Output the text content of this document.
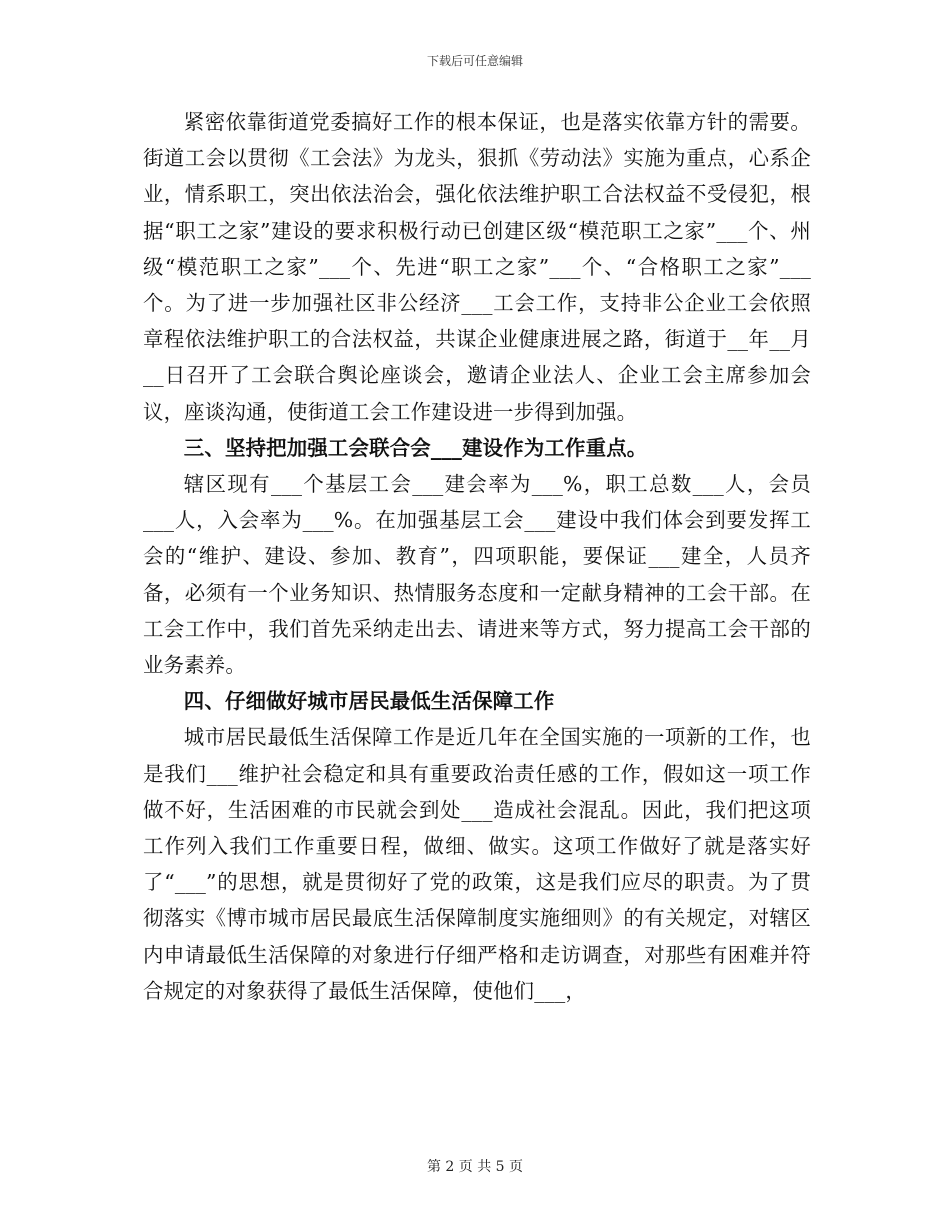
下载后可任意编辑

紧密依靠街道党委搞好工作的根本保证，也是落实依靠方针的需要。街道工会以贯彻《工会法》为龙头，狠抓《劳动法》实施为重点，心系企业，情系职工，突出依法治会，强化依法维护职工合法权益不受侵犯，根据“职工之家”建设的要求积极行动已创建区级“模范职工之家”___个、州级“模范职工之家”___个、先进“职工之家”___个、“合格职工之家”___个。为了进一步加强社区非公经济___工会工作，支持非公企业工会依照章程依法维护职工的合法权益，共谋企业健康进展之路，街道于__年__月__日召开了工会联合舆论座谈会，邀请企业法人、企业工会主席参加会议，座谈沟通，使街道工会工作建设进一步得到加强。

三、坚持把加强工会联合会___建设作为工作重点。

辖区现有___个基层工会___建会率为___%，职工总数___人，会员___人，入会率为___%。在加强基层工会___建设中我们体会到要发挥工会的“维护、建设、参加、教育”，四项职能，要保证___建全，人员齐备，必须有一个业务知识、热情服务态度和一定献身精神的工会干部。在工会工作中，我们首先采纳走出去、请进来等方式，努力提高工会干部的业务素养。

四、仔细做好城市居民最低生活保障工作

城市居民最低生活保障工作是近几年在全国实施的一项新的工作，也是我们___维护社会稳定和具有重要政治责任感的工作，假如这一项工作做不好，生活困难的市民就会到处___造成社会混乱。因此，我们把这项工作列入我们工作重要日程，做细、做实。这项工作做好了就是落实好了“___”的思想，就是贯彻好了党的政策，这是我们应尽的职责。为了贯彻落实《博市城市居民最底生活保障制度实施细则》的有关规定，对辖区内申请最低生活保障的对象进行仔细严格和走访调查，对那些有困难并符合规定的对象获得了最低生活保障，使他们___，

第 2 页 共 5 页
